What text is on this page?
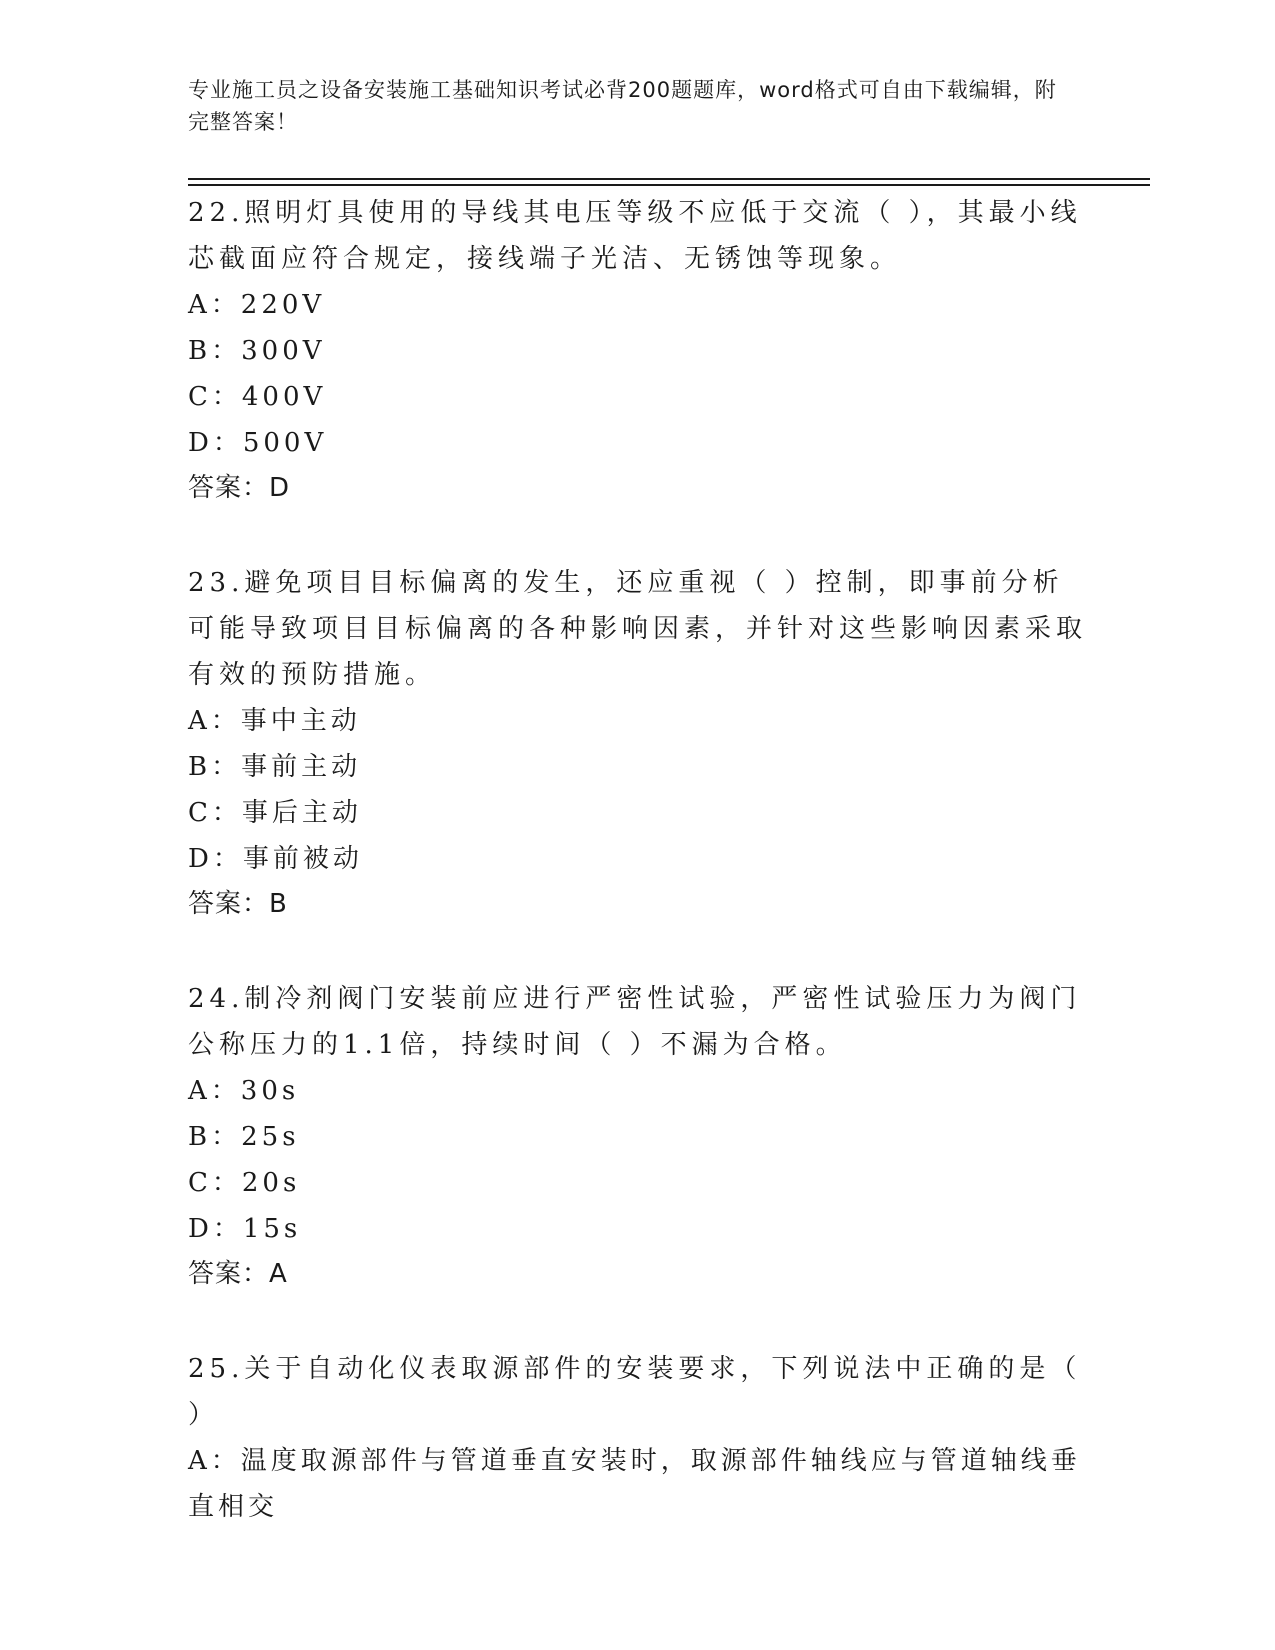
专业施工员之设备安装施工基础知识考试必背200题题库，word格式可自由下载编辑，附完整答案！
22.照明灯具使用的导线其电压等级不应低于交流（ ），其最小线芯截面应符合规定，接线端子光洁、无锈蚀等现象。
A：220V
B：300V
C：400V
D：500V
答案：D
23.避免项目目标偏离的发生，还应重视（ ）控制，即事前分析可能导致项目目标偏离的各种影响因素，并针对这些影响因素采取有效的预防措施。
A：事中主动
B：事前主动
C：事后主动
D：事前被动
答案：B
24.制冷剂阀门安装前应进行严密性试验，严密性试验压力为阀门公称压力的1.1倍，持续时间（ ）不漏为合格。
A：30s
B：25s
C：20s
D：15s
答案：A
25.关于自动化仪表取源部件的安装要求，下列说法中正确的是（ ）
A：温度取源部件与管道垂直安装时，取源部件轴线应与管道轴线垂直相交
